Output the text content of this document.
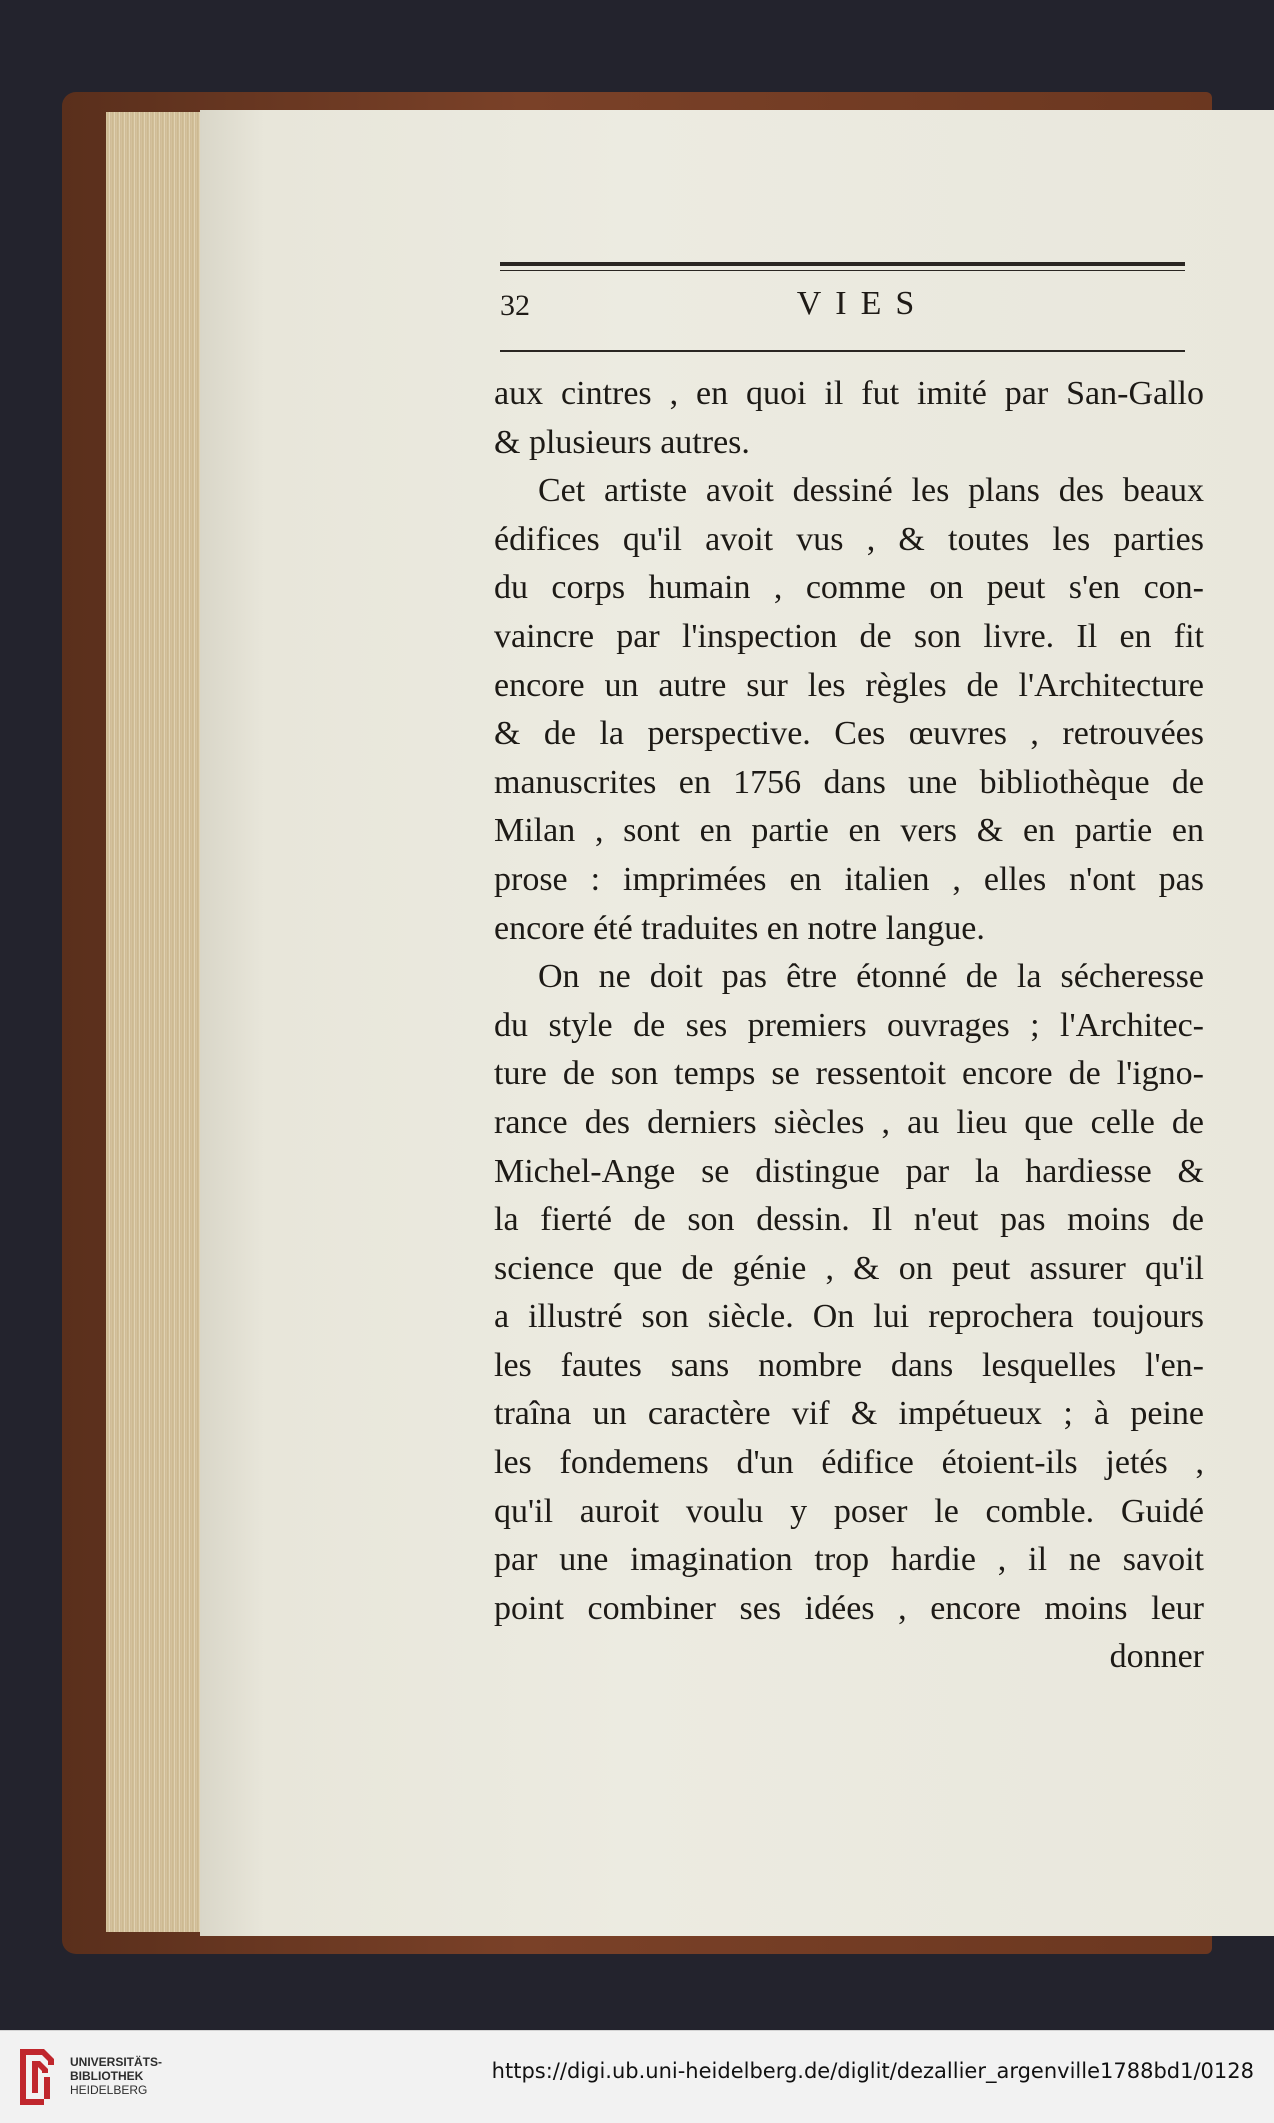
32	VIES
aux cintres , en quoi il fut imité par San-Gallo
& plusieurs autres.
Cet artiste avoit dessiné les plans des beaux
édifices qu'il avoit vus , & toutes les parties
du corps humain , comme on peut s'en con-
vaincre par l'inspection de son livre. Il en fit
encore un autre sur les règles de l'Architecture
& de la perspective. Ces œuvres , retrouvées
manuscrites en 1756 dans une bibliothèque de
Milan , sont en partie en vers & en partie en
prose : imprimées en italien , elles n'ont pas
encore été traduites en notre langue.
On ne doit pas être étonné de la sécheresse
du style de ses premiers ouvrages ; l'Architec-
ture de son temps se ressentoit encore de l'igno-
rance des derniers siècles , au lieu que celle de
Michel-Ange se distingue par la hardiesse &
la fierté de son dessin. Il n'eut pas moins de
science que de génie , & on peut assurer qu'il
a illustré son siècle. On lui reprochera toujours
les fautes sans nombre dans lesquelles l'en-
traîna un caractère vif & impétueux ; à peine
les fondemens d'un édifice étoient-ils jetés ,
qu'il auroit voulu y poser le comble. Guidé
par une imagination trop hardie , il ne savoit
point combiner ses idées , encore moins leur
donner
UNIVERSITÄTS-
BIBLIOTHEK
HEIDELBERG
https://digi.ub.uni-heidelberg.de/diglit/dezallier_argenville1788bd1/0128
